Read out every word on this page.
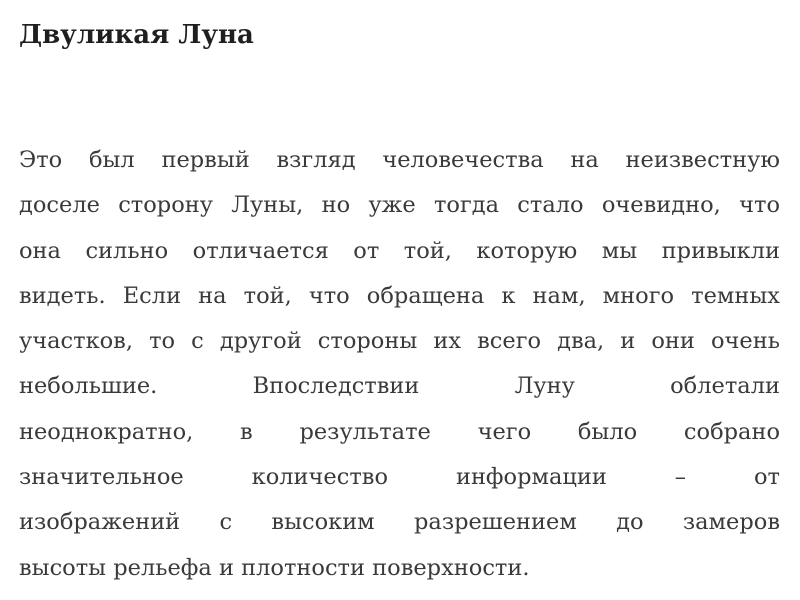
Двуликая Луна
Это был первый взгляд человечества на неизвестную
доселе сторону Луны, но уже тогда стало очевидно, что
она сильно отличается от той, которую мы привыкли
видеть. Если на той, что обращена к нам, много темных
участков, то с другой стороны их всего два, и они очень
небольшие. Впоследствии Луну облетали
неоднократно, в результате чего было собрано
значительное количество информации – от
изображений с высоким разрешением до замеров
высоты рельефа и плотности поверхности.
